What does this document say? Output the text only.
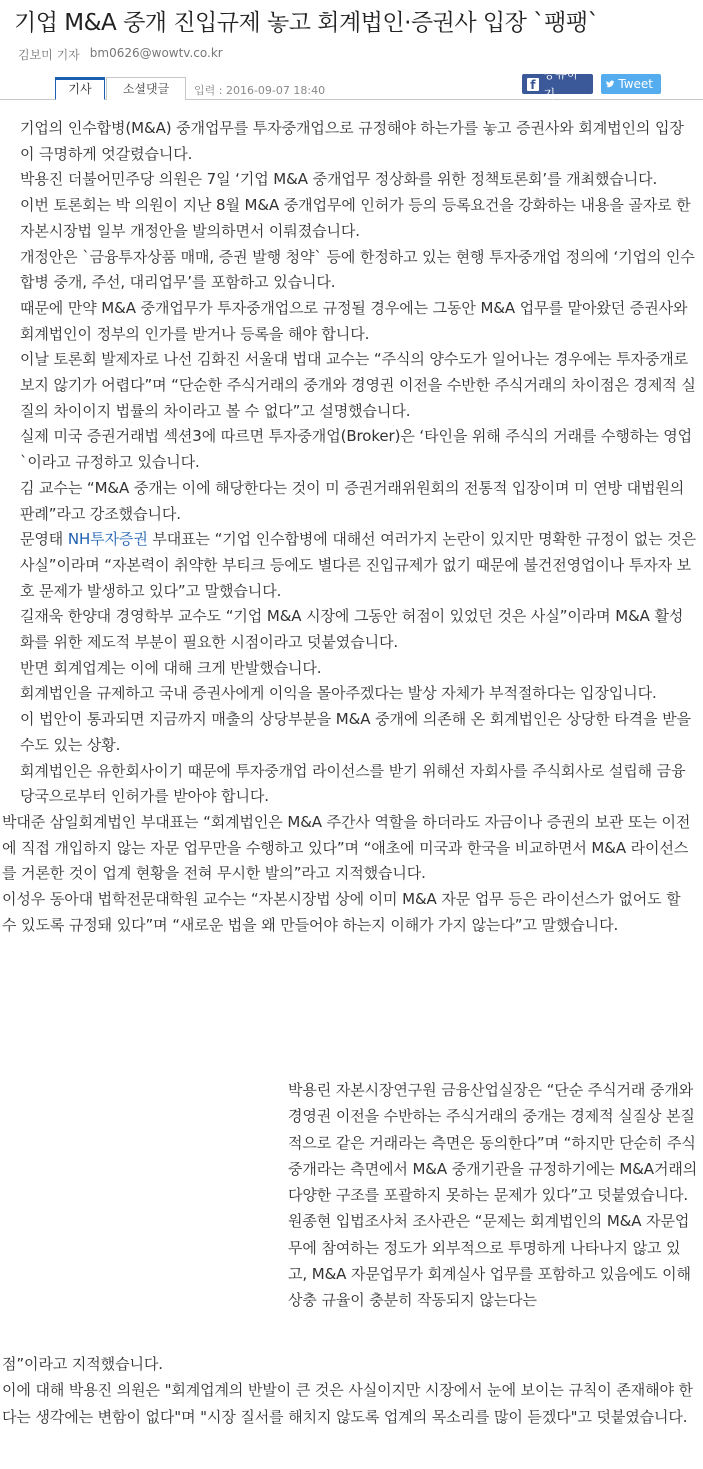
기업 M&A 중개 진입규제 놓고 회계법인·증권사 입장 `팽팽`
김보미 기자 bm0626@wowtv.co.kr
기사	소셜댓글	입력 : 2016-09-07 18:40	f
공유하기
Tweet

기업의 인수합병(M&A) 중개업무를 투자중개업으로 규정해야 하는가를 놓고 증권사와 회계법인의 입장이 극명하게 엇갈렸습니다.

박용진 더불어민주당 의원은 7일 ‘기업 M&A 중개업무 정상화를 위한 정책토론회’를 개최했습니다.

이번 토론회는 박 의원이 지난 8월 M&A 중개업무에 인허가 등의 등록요건을 강화하는 내용을 골자로 한 자본시장법 일부 개정안을 발의하면서 이뤄졌습니다.

개정안은 `금융투자상품 매매, 증권 발행 청약` 등에 한정하고 있는 현행 투자중개업 정의에 ‘기업의 인수합병 중개, 주선, 대리업무’를 포함하고 있습니다.

때문에 만약 M&A 중개업무가 투자중개업으로 규정될 경우에는 그동안 M&A 업무를 맡아왔던 증권사와 회계법인이 정부의 인가를 받거나 등록을 해야 합니다.

이날 토론회 발제자로 나선 김화진 서울대 법대 교수는 “주식의 양수도가 일어나는 경우에는 투자중개로 보지 않기가 어렵다”며 “단순한 주식거래의 중개와 경영권 이전을 수반한 주식거래의 차이점은 경제적 실질의 차이이지 법률의 차이라고 볼 수 없다”고 설명했습니다.

실제 미국 증권거래법 섹션3에 따르면 투자중개업(Broker)은 ‘타인을 위해 주식의 거래를 수행하는 영업`이라고 규정하고 있습니다.

김 교수는 “M&A 중개는 이에 해당한다는 것이 미 증권거래위원회의 전통적 입장이며 미 연방 대법원의 판례”라고 강조했습니다.

문영태 NH투자증권 부대표는 “기업 인수합병에 대해선 여러가지 논란이 있지만 명확한 규정이 없는 것은 사실”이라며 “자본력이 취약한 부티크 등에도 별다른 진입규제가 없기 때문에 불건전영업이나 투자자 보호 문제가 발생하고 있다”고 말했습니다.

길재욱 한양대 경영학부 교수도 “기업 M&A 시장에 그동안 허점이 있었던 것은 사실”이라며 M&A 활성화를 위한 제도적 부분이 필요한 시점이라고 덧붙였습니다.

반면 회계업계는 이에 대해 크게 반발했습니다.

회계법인을 규제하고 국내 증권사에게 이익을 몰아주겠다는 발상 자체가 부적절하다는 입장입니다.

이 법안이 통과되면 지금까지 매출의 상당부분을 M&A 중개에 의존해 온 회계법인은 상당한 타격을 받을 수도 있는 상황.

회계법인은 유한회사이기 때문에 투자중개업 라이선스를 받기 위해선 자회사를 주식회사로 설립해 금융당국으로부터 인허가를 받아야 합니다.

박대준 삼일회계법인 부대표는 “회계법인은 M&A 주간사 역할을 하더라도 자금이나 증권의 보관 또는 이전에 직접 개입하지 않는 자문 업무만을 수행하고 있다”며 “애초에 미국과 한국을 비교하면서 M&A 라이선스를 거론한 것이 업계 현황을 전혀 무시한 발의”라고 지적했습니다.

이성우 동아대 법학전문대학원 교수는 “자본시장법 상에 이미 M&A 자문 업무 등은 라이선스가 없어도 할 수 있도록 규정돼 있다”며 “새로운 법을 왜 만들어야 하는지 이해가 가지 않는다”고 말했습니다.

박용린 자본시장연구원 금융산업실장은 “단순 주식거래 중개와 경영권 이전을 수반하는 주식거래의 중개는 경제적 실질상 본질적으로 같은 거래라는 측면은 동의한다”며 “하지만 단순히 주식 중개라는 측면에서 M&A 중개기관을 규정하기에는 M&A거래의 다양한 구조를 포괄하지 못하는 문제가 있다”고 덧붙였습니다.

원종현 입법조사처 조사관은 “문제는 회계법인의 M&A 자문업무에 참여하는 정도가 외부적으로 투명하게 나타나지 않고 있고, M&A 자문업무가 회계실사 업무를 포함하고 있음에도 이해상충 규율이 충분히 작동되지 않는다는

점”이라고 지적했습니다.

이에 대해 박용진 의원은 "회계업계의 반발이 큰 것은 사실이지만 시장에서 눈에 보이는 규칙이 존재해야 한다는 생각에는 변함이 없다"며 "시장 질서를 해치지 않도록 업계의 목소리를 많이 듣겠다"고 덧붙였습니다.
